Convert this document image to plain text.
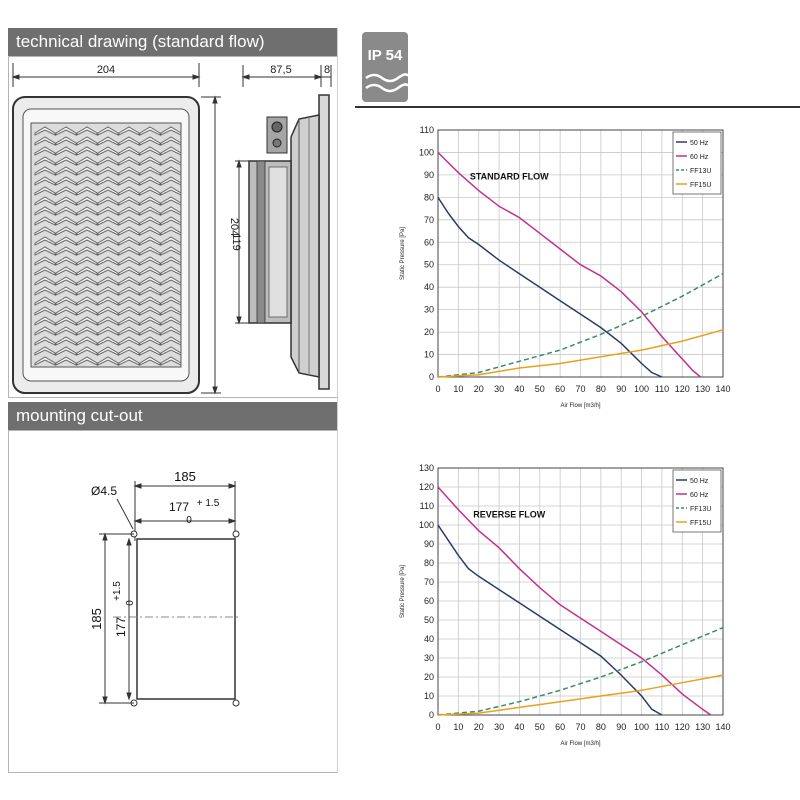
technical drawing (standard flow)
204
204
87,5	8
119
mounting cut-out
185
177 + 1.5
0
Ø4.5
185 177
+1.5
0
IP 54
0 10 20 30 40 50 60 70 80 90 100 110 120 130 140
0
10
20
30
40
50
60
70
80
90
100
110
Air Flow [m3/h]
Static Pressure [Pa]
STANDARD FLOW
50 Hz
60 Hz
FF13U
FF15U
0 10 20 30 40 50 60 70 80 90 100 110 120 130 140
0
10
20
30
40
50
60
70
80
90
100
110
120
130
Air Flow [m3/h]
Static Pressure [Pa]
REVERSE FLOW
50 Hz
60 Hz
FF13U
FF15U
